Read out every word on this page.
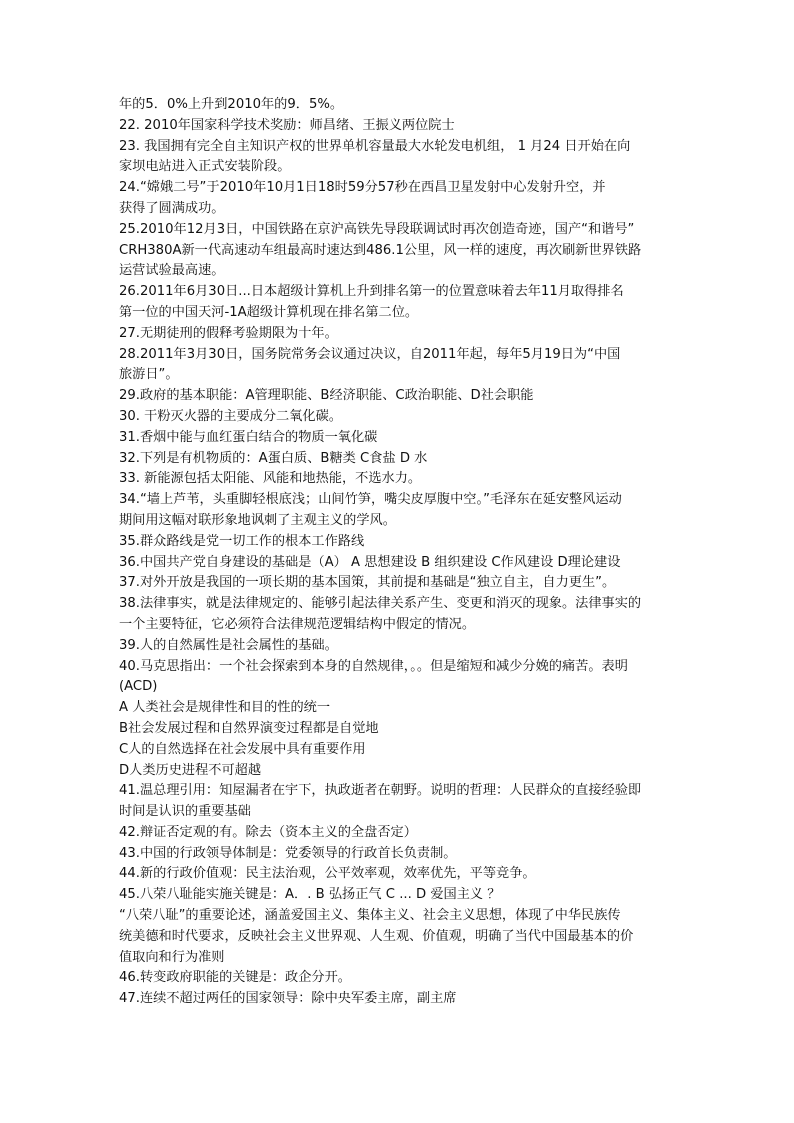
年的5．0%上升到2010年的9．5%。
22. 2010年国家科学技术奖励：师昌绪、王振义两位院士
23. 我国拥有完全自主知识产权的世界单机容量最大水轮发电机组， 1 月24 日开始在向
家坝电站进入正式安装阶段。
24.“嫦娥二号”于2010年10月1日18时59分57秒在西昌卫星发射中心发射升空，并
获得了圆满成功。
25.2010年12月3日，中国铁路在京沪高铁先导段联调试时再次创造奇迹，国产“和谐号”
CRH380A新一代高速动车组最高时速达到486.1公里，风一样的速度，再次刷新世界铁路
运营试验最高速。
26.2011年6月30日...日本超级计算机上升到排名第一的位置意味着去年11月取得排名
第一位的中国天河-1A超级计算机现在排名第二位。
27.无期徒刑的假释考验期限为十年。
28.2011年3月30日，国务院常务会议通过决议，自2011年起，每年5月19日为“中国
旅游日”。
29.政府的基本职能：A管理职能、B经济职能、C政治职能、D社会职能
30. 干粉灭火器的主要成分二氧化碳。
31.香烟中能与血红蛋白结合的物质一氧化碳
32.下列是有机物质的：A蛋白质、B糖类 C食盐 D 水
33. 新能源包括太阳能、风能和地热能，不选水力。
34.“墙上芦苇，头重脚轻根底浅；山间竹笋，嘴尖皮厚腹中空。”毛泽东在延安整风运动
期间用这幅对联形象地讽刺了主观主义的学风。
35.群众路线是党一切工作的根本工作路线
36.中国共产党自身建设的基础是（A） A 思想建设 B 组织建设 C作风建设 D理论建设
37.对外开放是我国的一项长期的基本国策，其前提和基础是“独立自主，自力更生”。
38.法律事实，就是法律规定的、能够引起法律关系产生、变更和消灭的现象。法律事实的
一个主要特征，它必须符合法律规范逻辑结构中假定的情况。
39.人的自然属性是社会属性的基础。
40.马克思指出：一个社会探索到本身的自然规律，。。但是缩短和减少分娩的痛苦。表明
(ACD)
A 人类社会是规律性和目的性的统一
B社会发展过程和自然界演变过程都是自觉地
C人的自然选择在社会发展中具有重要作用
D人类历史进程不可超越
41.温总理引用：知屋漏者在宇下，执政逝者在朝野。说明的哲理：人民群众的直接经验即
时间是认识的重要基础
42.辩证否定观的有。除去（资本主义的全盘否定）
43.中国的行政领导体制是：党委领导的行政首长负责制。
44.新的行政价值观：民主法治观，公平效率观，效率优先，平等竞争。
45.八荣八耻能实施关键是：A．. B 弘扬正气 C ... D 爱国主义 ？
“八荣八耻”的重要论述，涵盖爱国主义、集体主义、社会主义思想，体现了中华民族传
统美德和时代要求，反映社会主义世界观、人生观、价值观，明确了当代中国最基本的价
值取向和行为准则
46.转变政府职能的关键是：政企分开。
47.连续不超过两任的国家领导：除中央军委主席，副主席
